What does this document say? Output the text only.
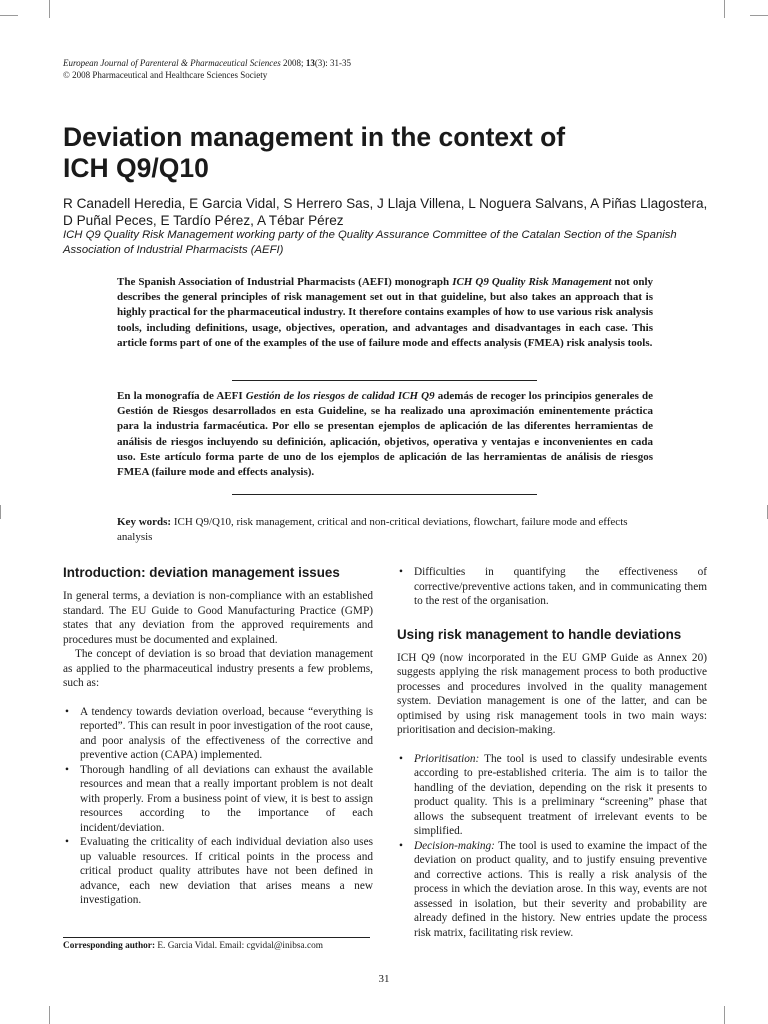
European Journal of Parenteral & Pharmaceutical Sciences 2008; 13(3): 31-35
© 2008 Pharmaceutical and Healthcare Sciences Society
Deviation management in the context of ICH Q9/Q10
R Canadell Heredia, E Garcia Vidal, S Herrero Sas, J Llaja Villena, L Noguera Salvans, A Piñas Llagostera, D Puñal Peces, E Tardío Pérez, A Tébar Pérez
ICH Q9 Quality Risk Management working party of the Quality Assurance Committee of the Catalan Section of the Spanish Association of Industrial Pharmacists (AEFI)

The Spanish Association of Industrial Pharmacists (AEFI) monograph ICH Q9 Quality Risk Management not only describes the general principles of risk management set out in that guideline, but also takes an approach that is highly practical for the pharmaceutical industry. It therefore contains examples of how to use various risk analysis tools, including definitions, usage, objectives, operation, and advantages and disadvantages in each case. This article forms part of one of the examples of the use of failure mode and effects analysis (FMEA) risk analysis tools.

En la monografía de AEFI Gestión de los riesgos de calidad ICH Q9 además de recoger los principios generales de Gestión de Riesgos desarrollados en esta Guideline, se ha realizado una aproximación eminentemente práctica para la industria farmacéutica. Por ello se presentan ejemplos de aplicación de las diferentes herramientas de análisis de riesgos incluyendo su definición, aplicación, objetivos, operativa y ventajas e inconvenientes en cada uso. Este artículo forma parte de uno de los ejemplos de aplicación de las herramientas de análisis de riesgos FMEA (failure mode and effects analysis).

Key words: ICH Q9/Q10, risk management, critical and non-critical deviations, flowchart, failure mode and effects analysis
Introduction: deviation management issues

In general terms, a deviation is non-compliance with an established standard. The EU Guide to Good Manufacturing Practice (GMP) states that any deviation from the approved requirements and procedures must be documented and explained.

The concept of deviation is so broad that deviation management as applied to the pharmaceutical industry presents a few problems, such as:

• A tendency towards deviation overload, because “everything is reported”. This can result in poor investigation of the root cause, and poor analysis of the effectiveness of the corrective and preventive action (CAPA) implemented.
• Thorough handling of all deviations can exhaust the available resources and mean that a really important problem is not dealt with properly. From a business point of view, it is best to assign resources according to the importance of each incident/deviation.
• Evaluating the criticality of each individual deviation also uses up valuable resources. If critical points in the process and critical product quality attributes have not been defined in advance, each new deviation that arises means a new investigation.
• Difficulties in quantifying the effectiveness of corrective/preventive actions taken, and in communicating them to the rest of the organisation.
Using risk management to handle deviations

ICH Q9 (now incorporated in the EU GMP Guide as Annex 20) suggests applying the risk management process to both productive processes and procedures involved in the quality management system. Deviation management is one of the latter, and can be optimised by using risk management tools in two main ways: prioritisation and decision-making.

• Prioritisation: The tool is used to classify undesirable events according to pre-established criteria. The aim is to tailor the handling of the deviation, depending on the risk it presents to product quality. This is a preliminary “screening” phase that allows the subsequent treatment of irrelevant events to be simplified.
• Decision-making: The tool is used to examine the impact of the deviation on product quality, and to justify ensuing preventive and corrective actions. This is really a risk analysis of the process in which the deviation arose. In this way, events are not assessed in isolation, but their severity and probability are already defined in the history. New entries update the process risk matrix, facilitating risk review.
Corresponding author: E. Garcia Vidal. Email: cgvidal@inibsa.com
31
